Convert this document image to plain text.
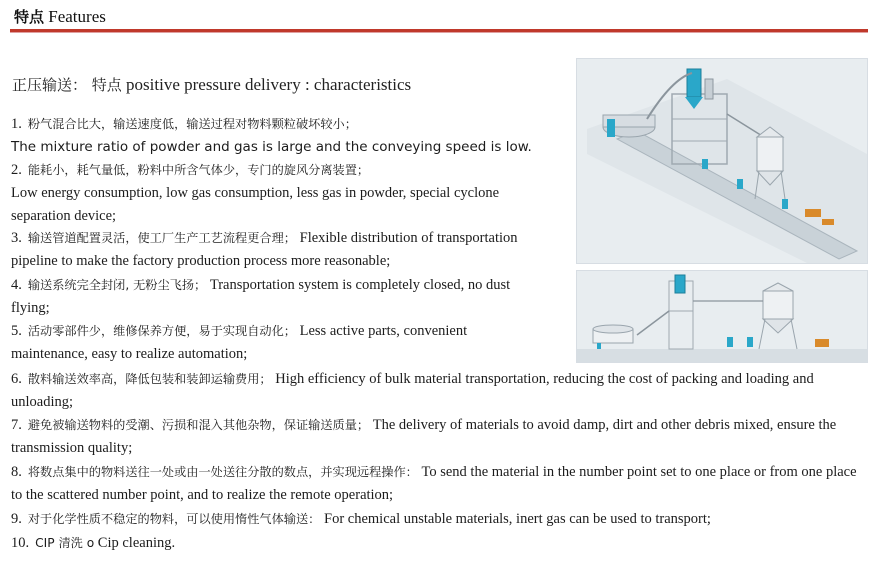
特点 Features
正压输送： 特点 positive pressure delivery : characteristics
1. 粉气混合比大，输送速度低，输送过程对物料颗粒破坏较小；
The mixture ratio of powder and gas is large and the conveying speed is low.
2. 能耗小，耗气量低，粉料中所含气体少，专门的旋风分离装置；
Low energy consumption, low gas consumption, less gas in powder, special cyclone separation device;
3. 输送管道配置灵活，使工厂生产工艺流程更合理； Flexible distribution of transportation pipeline to make the factory production process more reasonable;
4. 输送系统完全封闭, 无粉尘飞扬； Transportation system is completely closed, no dust flying;
5. 活动零部件少，维修保养方便，易于实现自动化； Less active parts, convenient maintenance, easy to realize automation;
6. 散料输送效率高，降低包装和装卸运输费用； High efficiency of bulk material transportation, reducing the cost of packing and loading and unloading;
7. 避免被输送物料的受潮、污损和混入其他杂物，保证输送质量； The delivery of materials to avoid damp, dirt and other debris mixed, ensure the transmission quality;
8. 将数点集中的物料送往一处或由一处送往分散的数点，并实现远程操作： To send the material in the number point set to one place or from one place to the scattered number point, and to realize the remote operation;
9. 对于化学性质不稳定的物料，可以使用惰性气体输送： For chemical unstable materials, inert gas can be used to transport;
10. CIP 清洗 o Cip cleaning.
